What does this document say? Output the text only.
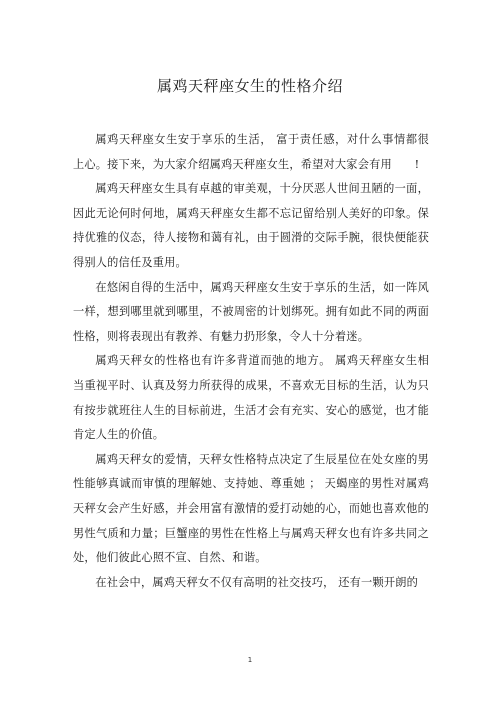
属鸡天秤座女生的性格介绍

属鸡天秤座女生安于享乐的生活， 富于责任感，对什么事情都很上心。接下来，为大家介绍属鸡天秤座女生，希望对大家会有用　　!

属鸡天秤座女生具有卓越的审美观，十分厌恶人世间丑陋的一面，因此无论何时何地，属鸡天秤座女生都不忘记留给别人美好的印象。保持优雅的仪态，待人接物和蔼有礼，由于圆滑的交际手腕，很快便能获得别人的信任及重用。

在悠闲自得的生活中，属鸡天秤座女生安于享乐的生活，如一阵风一样，想到哪里就到哪里，不被周密的计划绑死。拥有如此不同的两面性格，则将表现出有教养、有魅力扔形象，令人十分着迷。

属鸡天秤女的性格也有许多背道而弛的地方。 属鸡天秤座女生相当重视平时、认真及努力所获得的成果，不喜欢无目标的生活，认为只有按步就班往人生的目标前进，生活才会有充实、安心的感觉，也才能肯定人生的价值。

属鸡天秤女的爱情，天秤女性格特点决定了生辰星位在处女座的男性能够真诚而审慎的理解她、支持她、尊重她 ； 天蝎座的男性对属鸡天秤女会产生好感，并会用富有激情的爱打动她的心，而她也喜欢他的男性气质和力量；巨蟹座的男性在性格上与属鸡天秤女也有许多共同之处，他们彼此心照不宣、自然、和谐。

在社会中，属鸡天秤女不仅有高明的社交技巧， 还有一颗开朗的

1
